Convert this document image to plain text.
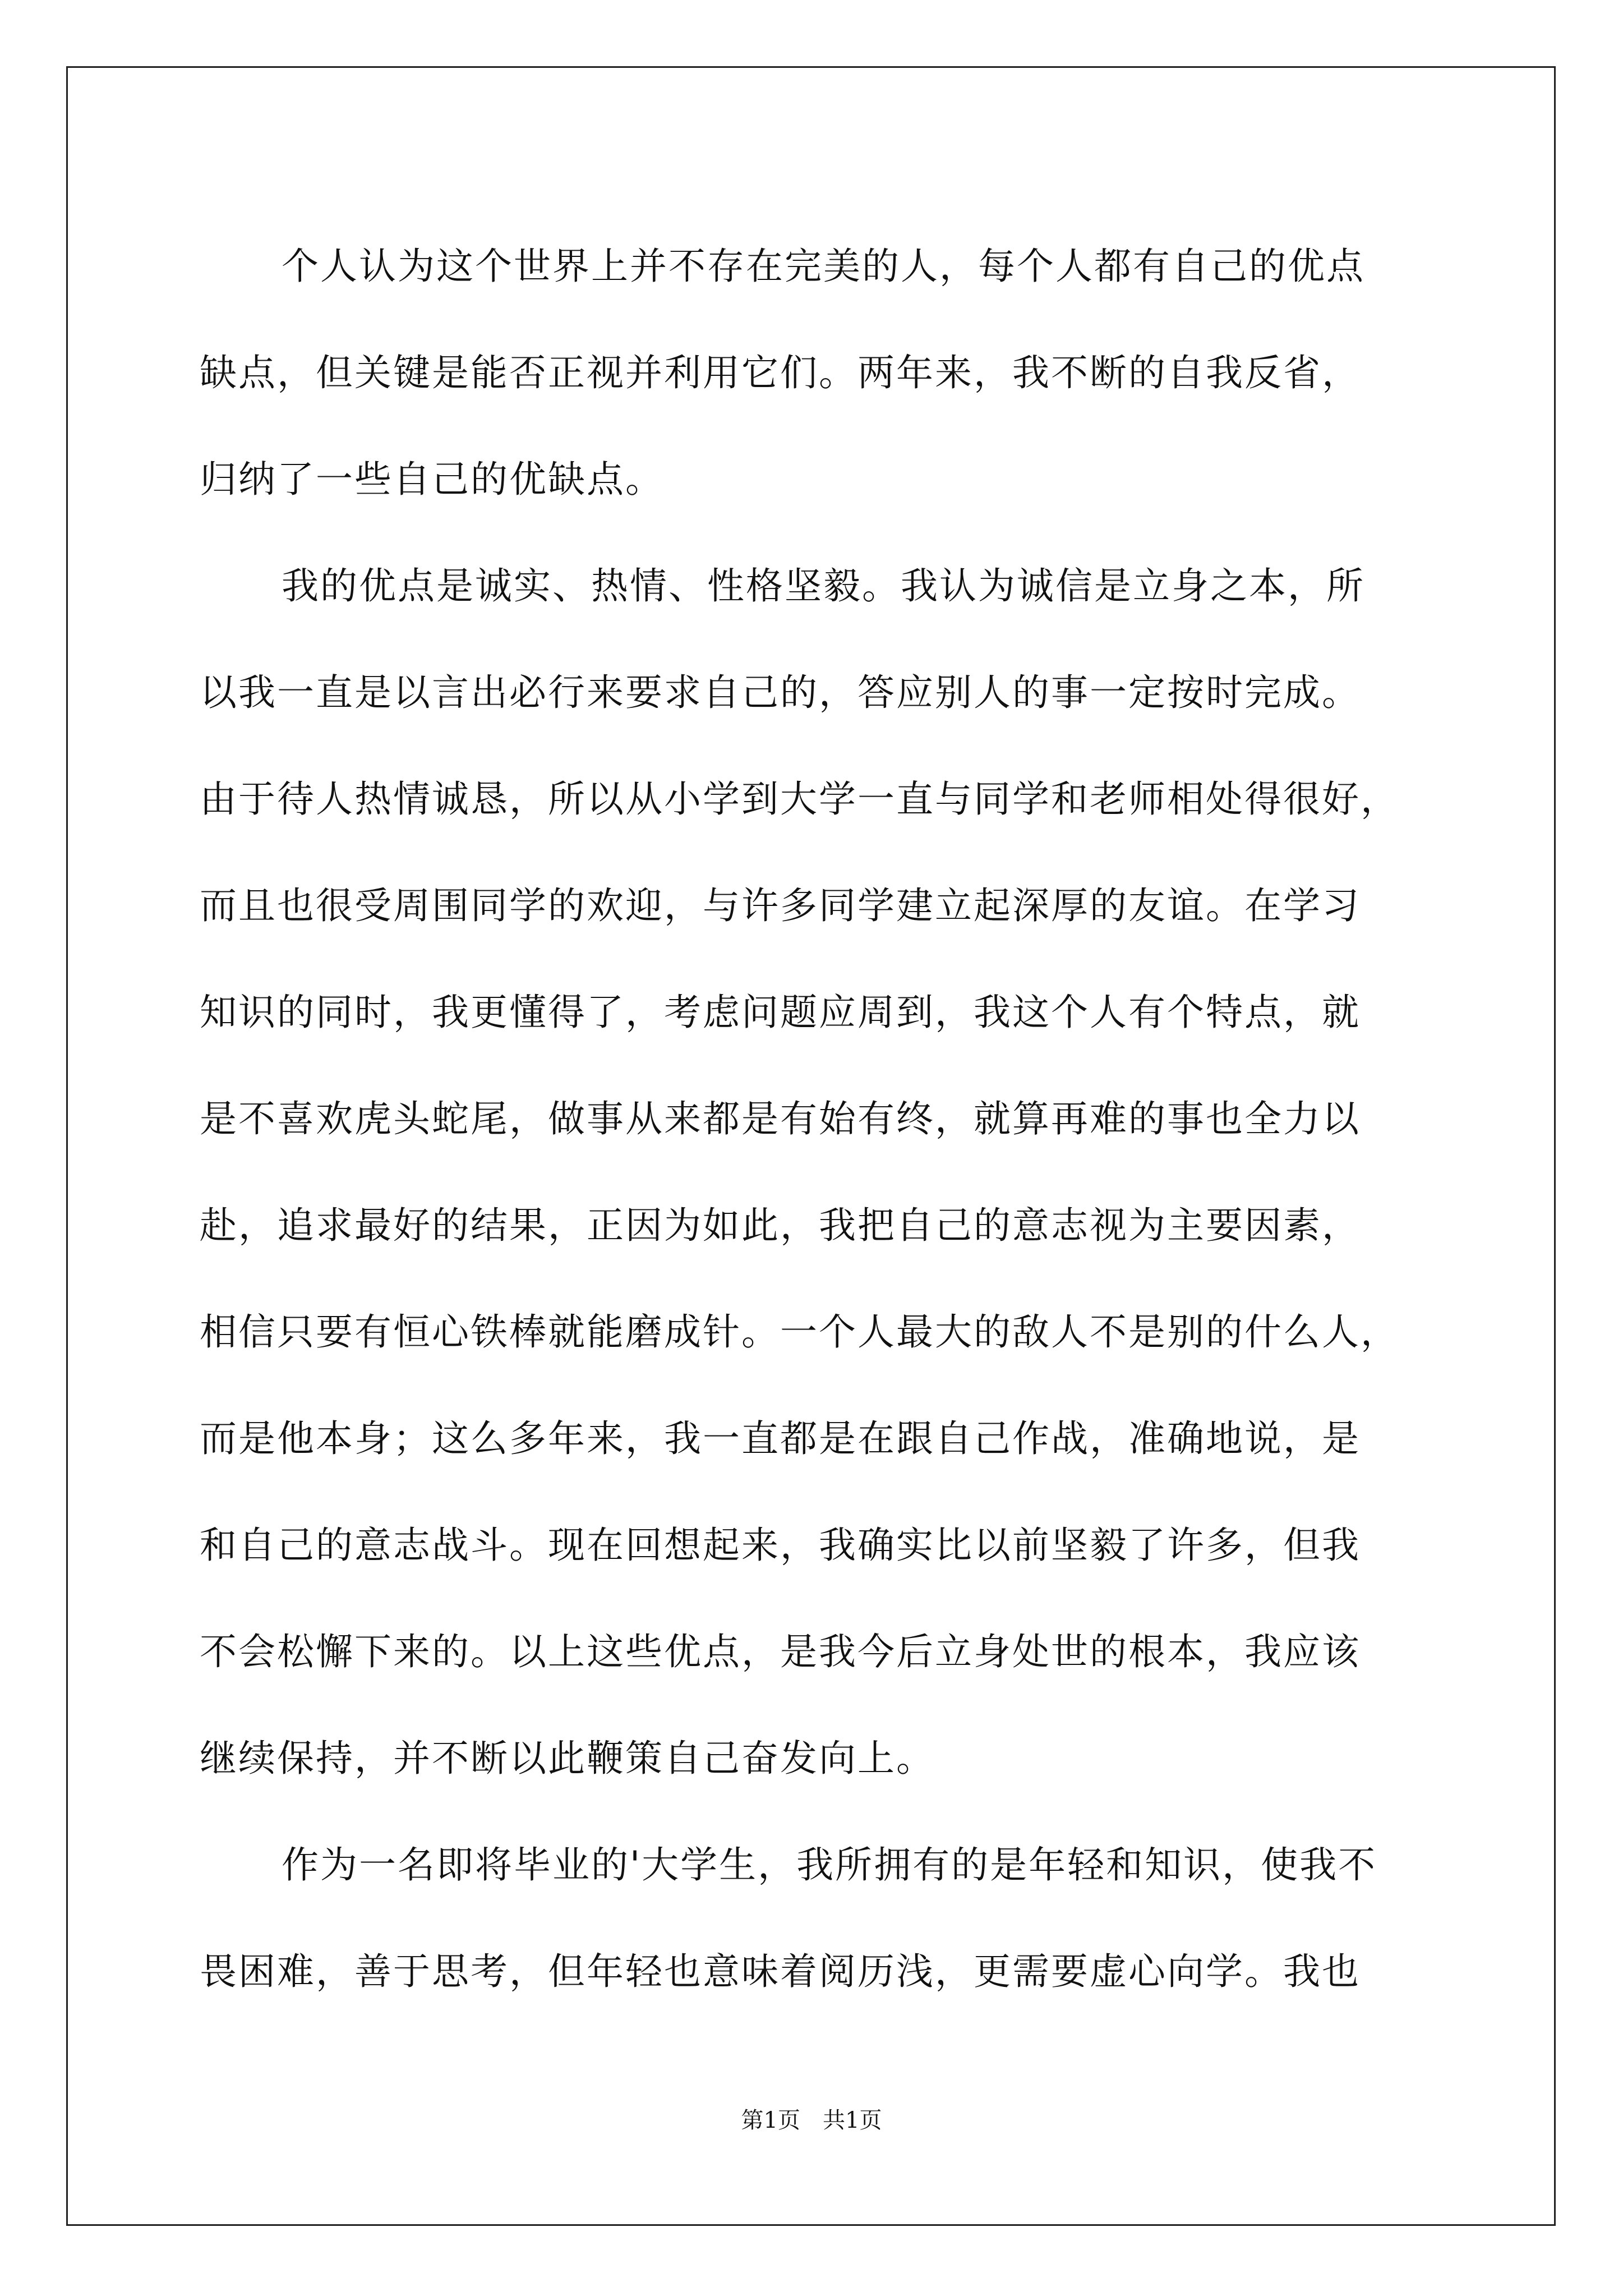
个人认为这个世界上并不存在完美的人，每个人都有自己的优点
缺点，但关键是能否正视并利用它们。两年来，我不断的自我反省，
归纳了一些自己的优缺点。
我的优点是诚实、热情、性格坚毅。我认为诚信是立身之本，所
以我一直是以言出必行来要求自己的，答应别人的事一定按时完成。
由于待人热情诚恳，所以从小学到大学一直与同学和老师相处得很好，
而且也很受周围同学的欢迎，与许多同学建立起深厚的友谊。在学习
知识的同时，我更懂得了，考虑问题应周到，我这个人有个特点，就
是不喜欢虎头蛇尾，做事从来都是有始有终，就算再难的事也全力以
赴，追求最好的结果，正因为如此，我把自己的意志视为主要因素，
相信只要有恒心铁棒就能磨成针。一个人最大的敌人不是别的什么人，
而是他本身；这么多年来，我一直都是在跟自己作战，准确地说，是
和自己的意志战斗。现在回想起来，我确实比以前坚毅了许多，但我
不会松懈下来的。以上这些优点，是我今后立身处世的根本，我应该
继续保持，并不断以此鞭策自己奋发向上。
作为一名即将毕业的'大学生，我所拥有的是年轻和知识，使我不
畏困难，善于思考，但年轻也意味着阅历浅，更需要虚心向学。我也
第1页　共1页
